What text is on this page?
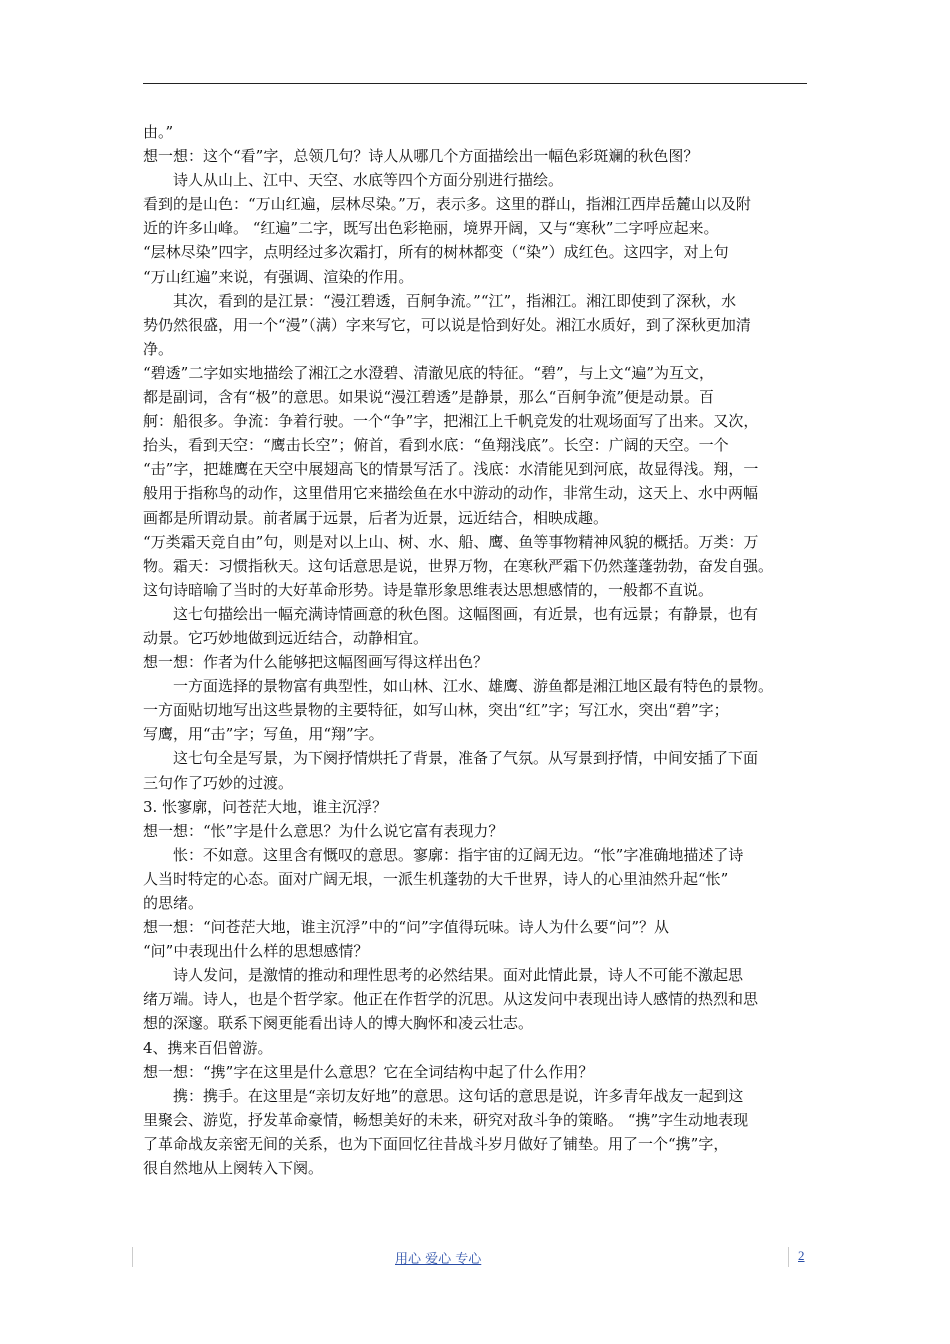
由。”
想一想：这个“看”字，总领几句？诗人从哪几个方面描绘出一幅色彩斑斓的秋色图？
　　诗人从山上、江中、天空、水底等四个方面分别进行描绘。
看到的是山色：“万山红遍，层林尽染。”万，表示多。这里的群山，指湘江西岸岳麓山以及附
近的许多山峰。 “红遍”二字，既写出色彩艳丽，境界开阔，又与“寒秋”二字呼应起来。
“层林尽染”四字，点明经过多次霜打，所有的树林都变（“染”）成红色。这四字，对上句
“万山红遍”来说，有强调、渲染的作用。
　　其次，看到的是江景：“漫江碧透，百舸争流。”“江”，指湘江。湘江即使到了深秋，水
势仍然很盛，用一个“漫”（满）字来写它，可以说是恰到好处。湘江水质好，到了深秋更加清
净。
“碧透”二字如实地描绘了湘江之水澄碧、清澈见底的特征。“碧”，与上文“遍”为互文，
都是副词，含有“极”的意思。如果说“漫江碧透”是静景，那么“百舸争流”便是动景。百
舸：船很多。争流：争着行驶。一个“争”字，把湘江上千帆竞发的壮观场面写了出来。又次，
抬头，看到天空：“鹰击长空”；俯首，看到水底：“鱼翔浅底”。长空：广阔的天空。一个
“击”字，把雄鹰在天空中展翅高飞的情景写活了。浅底：水清能见到河底，故显得浅。翔，一
般用于指称鸟的动作，这里借用它来描绘鱼在水中游动的动作，非常生动，这天上、水中两幅
画都是所谓动景。前者属于远景，后者为近景，远近结合，相映成趣。
“万类霜天竞自由”句，则是对以上山、树、水、船、鹰、鱼等事物精神风貌的概括。万类：万
物。霜天：习惯指秋天。这句话意思是说，世界万物，在寒秋严霜下仍然蓬蓬勃勃，奋发自强。
这句诗暗喻了当时的大好革命形势。诗是靠形象思维表达思想感情的，一般都不直说。
　　这七句描绘出一幅充满诗情画意的秋色图。这幅图画，有近景，也有远景；有静景，也有
动景。它巧妙地做到远近结合，动静相宜。
想一想：作者为什么能够把这幅图画写得这样出色？
　　一方面选择的景物富有典型性，如山林、江水、雄鹰、游鱼都是湘江地区最有特色的景物。
一方面贴切地写出这些景物的主要特征，如写山林，突出“红”字；写江水，突出“碧”字；
写鹰，用“击”字；写鱼，用“翔”字。
　　这七句全是写景，为下阕抒情烘托了背景，准备了气氛。从写景到抒情，中间安插了下面
三句作了巧妙的过渡。
3. 怅寥廓，问苍茫大地，谁主沉浮？
想一想：“怅”字是什么意思？为什么说它富有表现力？
　　怅：不如意。这里含有慨叹的意思。寥廓：指宇宙的辽阔无边。“怅”字准确地描述了诗
人当时特定的心态。面对广阔无垠，一派生机蓬勃的大千世界，诗人的心里油然升起“怅”
的思绪。
想一想：“问苍茫大地，谁主沉浮”中的“问”字值得玩味。诗人为什么要“问”？从
“问”中表现出什么样的思想感情？
　　诗人发问，是激情的推动和理性思考的必然结果。面对此情此景，诗人不可能不激起思
绪万端。诗人，也是个哲学家。他正在作哲学的沉思。从这发问中表现出诗人感情的热烈和思
想的深邃。联系下阕更能看出诗人的博大胸怀和凌云壮志。
4、携来百侣曾游。
想一想：“携”字在这里是什么意思？它在全词结构中起了什么作用？
　　携：携手。在这里是“亲切友好地”的意思。这句话的意思是说，许多青年战友一起到这
里聚会、游览，抒发革命豪情，畅想美好的未来，研究对敌斗争的策略。 “携”字生动地表现
了革命战友亲密无间的关系，也为下面回忆往昔战斗岁月做好了铺垫。用了一个“携”字，
很自然地从上阕转入下阕。
用心 爱心 专心	2
